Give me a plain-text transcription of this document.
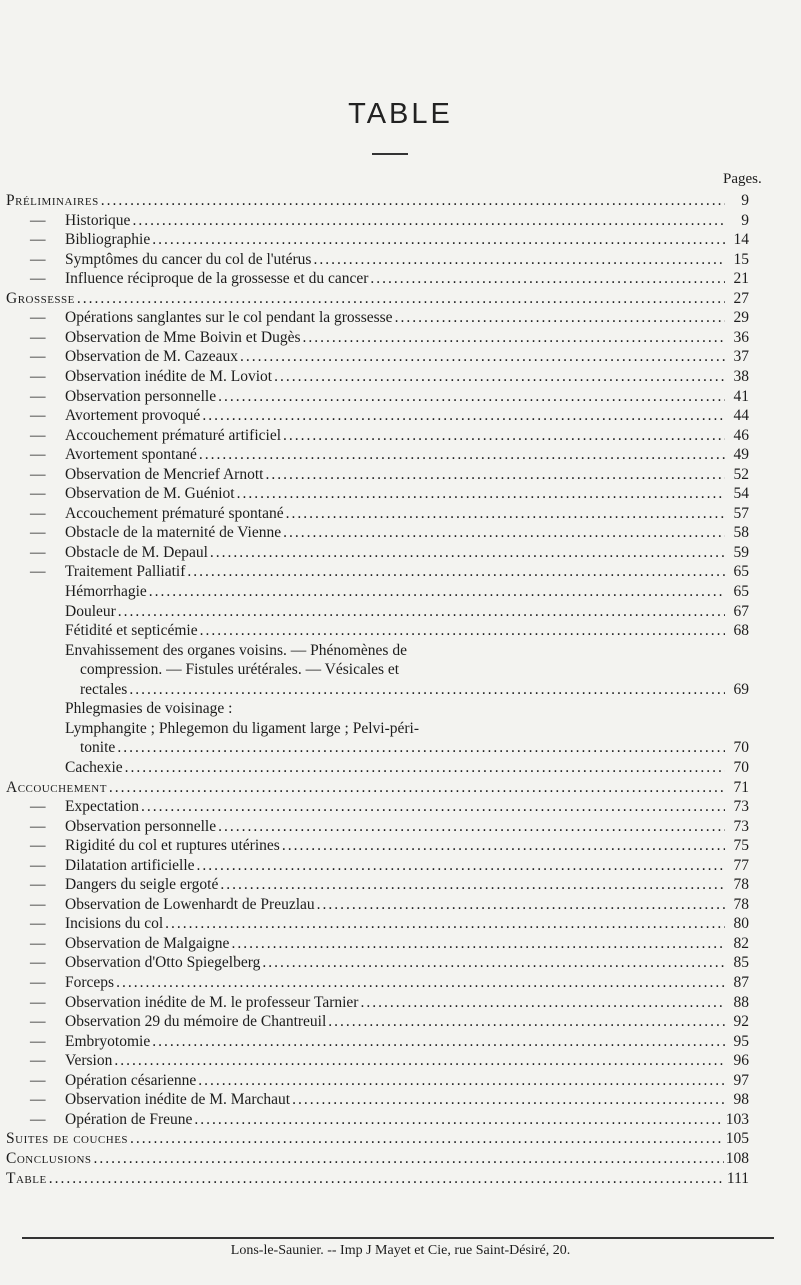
TABLE
Pages.
Préliminaires .....	9
— Historique .....	9
— Bibliographie .....	14
— Symptômes du cancer du col de l'utérus .....	15
— Influence réciproque de la grossesse et du cancer .....	21
Grossesse .....	27
— Opérations sanglantes sur le col pendant la grossesse .....	29
— Observation de Mme Boivin et Dugès .....	36
— Observation de M. Cazeaux .....	37
— Observation inédite de M. Loviot .....	38
— Observation personnelle .....	41
— Avortement provoqué .....	44
— Accouchement prématuré artificiel .....	46
— Avortement spontané .....	49
— Observation de Mencrief Arnott .....	52
— Observation de M. Guéniot .....	54
— Accouchement prématuré spontané .....	57
— Obstacle de la maternité de Vienne .....	58
— Obstacle de M. Depaul .....	59
— Traitement Palliatif .....	65
Hémorrhagie .....	65
Douleur .....	67
Fétidité et septicémie .....	68
Envahissement des organes voisins. — Phénomènes de
compression. — Fistules urétérales. — Vésicales et
rectales .....	69
Phlegmasies de voisinage :
Lymphangite ; Phlegemon du ligament large ; Pelvi-péri-
tonite .....	70
Cachexie .....	70
Accouchement .....	71
— Expectation .....	73
— Observation personnelle .....	73
— Rigidité du col et ruptures utérines .....	75
— Dilatation artificielle .....	77
— Dangers du seigle ergoté .....	78
— Observation de Lowenhardt de Preuzlau .....	78
— Incisions du col .....	80
— Observation de Malgaigne .....	82
— Observation d'Otto Spiegelberg .....	85
— Forceps .....	87
— Observation inédite de M. le professeur Tarnier .....	88
— Observation 29 du mémoire de Chantreuil .....	92
— Embryotomie .....	95
— Version .....	96
— Opération césarienne .....	97
— Observation inédite de M. Marchaut .....	98
— Opération de Freune .....	103
Suites de couches .....	105
Conclusions .....	108
Table .....	111
Lons-le-Saunier. -- Imp J Mayet et Cie, rue Saint-Désiré, 20.
